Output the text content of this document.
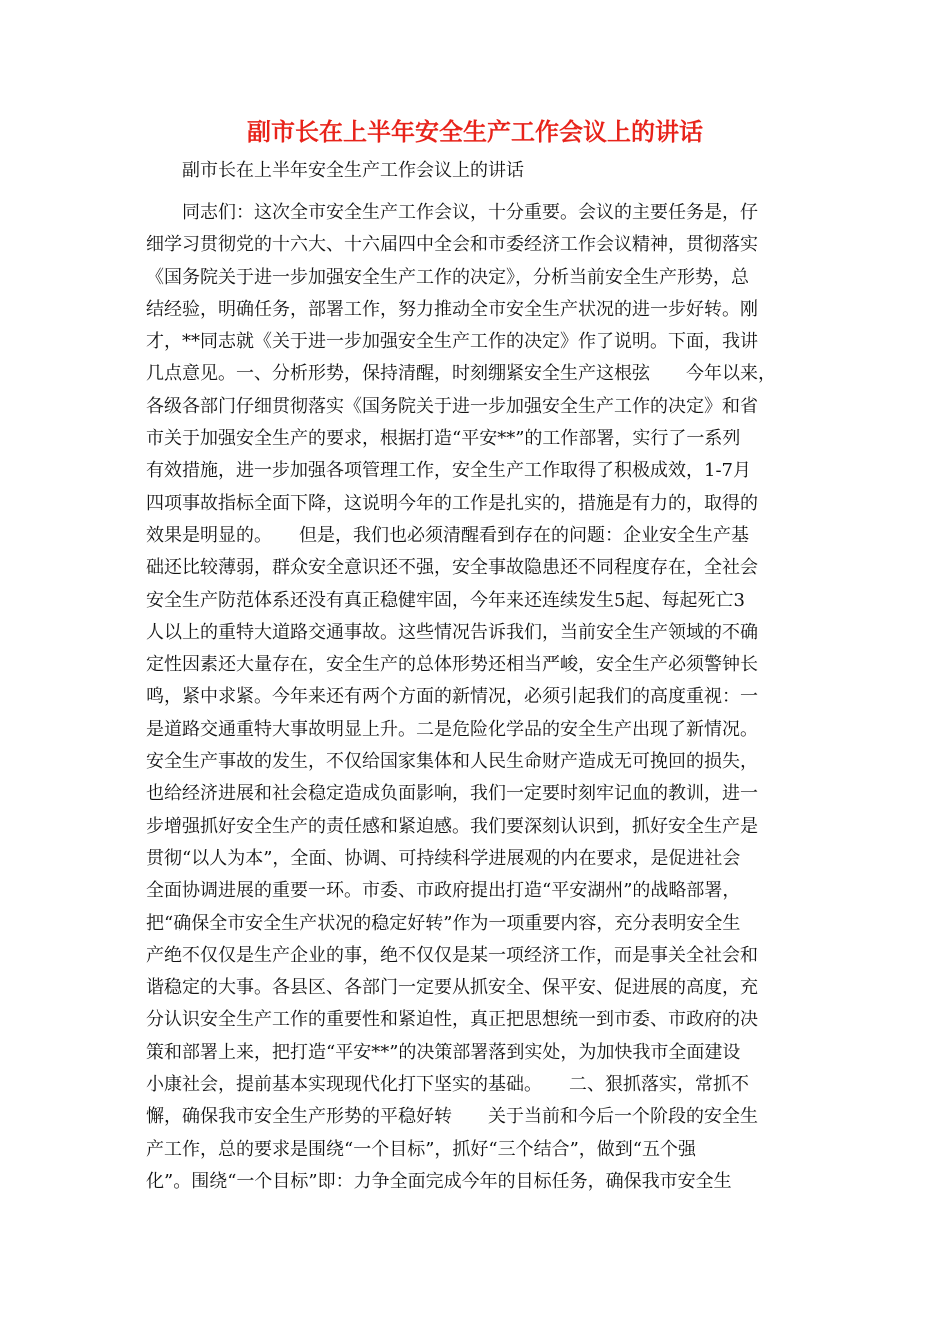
副市长在上半年安全生产工作会议上的讲话

副市长在上半年安全生产工作会议上的讲话

　　同志们：这次全市安全生产工作会议，十分重要。会议的主要任务是，仔
细学习贯彻党的十六大、十六届四中全会和市委经济工作会议精神，贯彻落实
《国务院关于进一步加强安全生产工作的决定》，分析当前安全生产形势，总
结经验，明确任务，部署工作，努力推动全市安全生产状况的进一步好转。刚
才，**同志就《关于进一步加强安全生产工作的决定》作了说明。下面，我讲
几点意见。一、分析形势，保持清醒，时刻绷紧安全生产这根弦　　今年以来，
各级各部门仔细贯彻落实《国务院关于进一步加强安全生产工作的决定》和省
市关于加强安全生产的要求，根据打造“平安**”的工作部署，实行了一系列
有效措施，进一步加强各项管理工作，安全生产工作取得了积极成效，1-7月
四项事故指标全面下降，这说明今年的工作是扎实的，措施是有力的，取得的
效果是明显的。　　但是，我们也必须清醒看到存在的问题：企业安全生产基
础还比较薄弱，群众安全意识还不强，安全事故隐患还不同程度存在，全社会
安全生产防范体系还没有真正稳健牢固，今年来还连续发生5起、每起死亡3
人以上的重特大道路交通事故。这些情况告诉我们，当前安全生产领域的不确
定性因素还大量存在，安全生产的总体形势还相当严峻，安全生产必须警钟长
鸣，紧中求紧。今年来还有两个方面的新情况，必须引起我们的高度重视：一
是道路交通重特大事故明显上升。二是危险化学品的安全生产出现了新情况。
安全生产事故的发生，不仅给国家集体和人民生命财产造成无可挽回的损失，
也给经济进展和社会稳定造成负面影响，我们一定要时刻牢记血的教训，进一
步增强抓好安全生产的责任感和紧迫感。我们要深刻认识到，抓好安全生产是
贯彻“以人为本”，全面、协调、可持续科学进展观的内在要求，是促进社会
全面协调进展的重要一环。市委、市政府提出打造“平安湖州”的战略部署，
把“确保全市安全生产状况的稳定好转”作为一项重要内容，充分表明安全生
产绝不仅仅是生产企业的事，绝不仅仅是某一项经济工作，而是事关全社会和
谐稳定的大事。各县区、各部门一定要从抓安全、保平安、促进展的高度，充
分认识安全生产工作的重要性和紧迫性，真正把思想统一到市委、市政府的决
策和部署上来，把打造“平安**”的决策部署落到实处，为加快我市全面建设
小康社会，提前基本实现现代化打下坚实的基础。　　二、狠抓落实，常抓不
懈，确保我市安全生产形势的平稳好转　　关于当前和今后一个阶段的安全生
产工作，总的要求是围绕“一个目标”，抓好“三个结合”，做到“五个强
化”。围绕“一个目标”即：力争全面完成今年的目标任务，确保我市安全生
